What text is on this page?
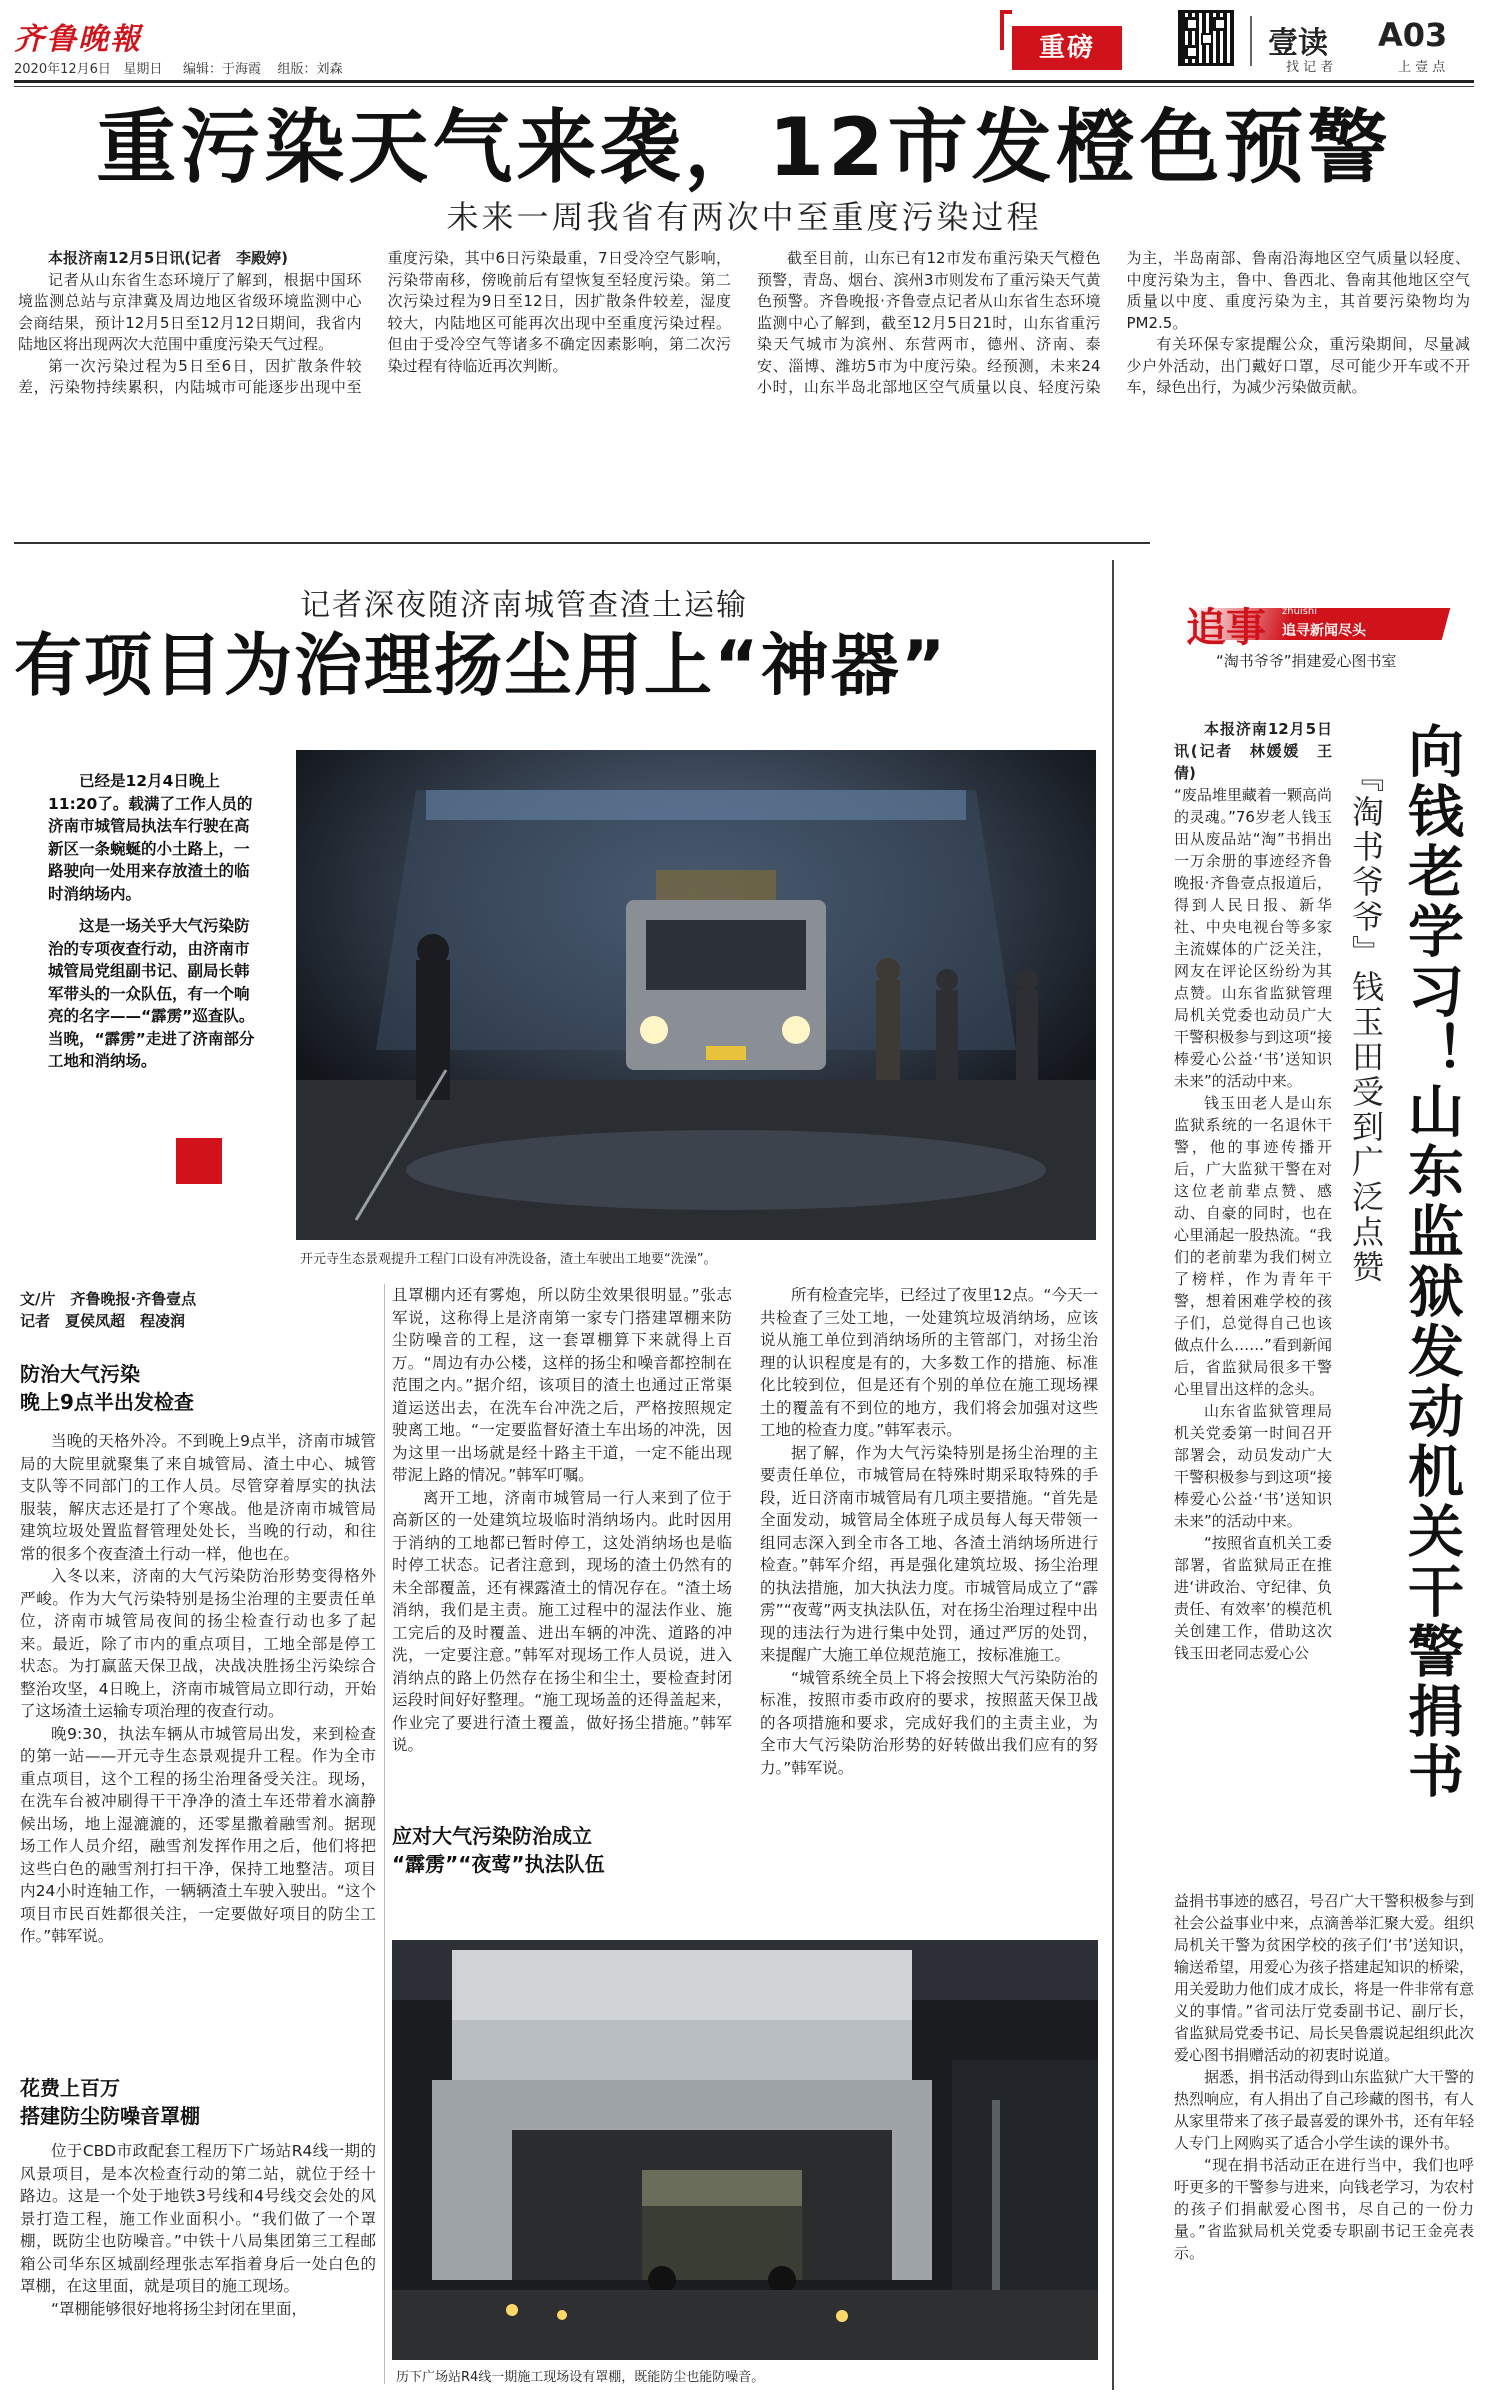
齐鲁晚報
2020年12月6日 星期日 编辑：于海霞 组版：刘森
重磅	壹读 A03
找 记 者	上 壹 点
重污染天气来袭，12市发橙色预警
未来一周我省有两次中至重度污染过程

本报济南12月5日讯(记者　李殿婷)

记者从山东省生态环境厅了解到，根据中国环境监测总站与京津冀及周边地区省级环境监测中心会商结果，预计12月5日至12月12日期间，我省内陆地区将出现两次大范围中重度污染天气过程。

第一次污染过程为5日至6日，因扩散条件较差，污染物持续累积，内陆城市可能逐步出现中至重度污染，其中6日污染最重，7日受冷空气影响，污染带南移，傍晚前后有望恢复至轻度污染。第二次污染过程为9日至12日，因扩散条件较差，湿度较大，内陆地区可能再次出现中至重度污染过程。但由于受冷空气等诸多不确定因素影响，第二次污染过程有待临近再次判断。

截至目前，山东已有12市发布重污染天气橙色预警，青岛、烟台、滨州3市则发布了重污染天气黄色预警。齐鲁晚报·齐鲁壹点记者从山东省生态环境监测中心了解到，截至12月5日21时，山东省重污染天气城市为滨州、东营两市，德州、济南、泰安、淄博、潍坊5市为中度污染。经预测，未来24小时，山东半岛北部地区空气质量以良、轻度污染为主，半岛南部、鲁南沿海地区空气质量以轻度、中度污染为主，鲁中、鲁西北、鲁南其他地区空气质量以中度、重度污染为主，其首要污染物均为PM2.5。

有关环保专家提醒公众，重污染期间，尽量减少户外活动，出门戴好口罩，尽可能少开车或不开车，绿色出行，为减少污染做贡献。

记者深夜随济南城管查渣土运输
有项目为治理扬尘用上“神器”

已经是12月4日晚上11:20了。载满了工作人员的济南市城管局执法车行驶在高新区一条蜿蜒的小土路上，一路驶向一处用来存放渣土的临时消纳场内。

这是一场关乎大气污染防治的专项夜查行动，由济南市城管局党组副书记、副局长韩军带头的一众队伍，有一个响亮的名字——“霹雳”巡查队。当晚，“霹雳”走进了济南部分工地和消纳场。

开元寺生态景观提升工程门口设有冲洗设备，渣土车驶出工地要“洗澡”。
文/片　齐鲁晚报·齐鲁壹点
记者　夏侯凤超　程凌润
防治大气污染
晚上9点半出发检查

当晚的天格外冷。不到晚上9点半，济南市城管局的大院里就聚集了来自城管局、渣土中心、城管支队等不同部门的工作人员。尽管穿着厚实的执法服装，解庆志还是打了个寒战。他是济南市城管局建筑垃圾处置监督管理处处长，当晚的行动，和往常的很多个夜查渣土行动一样，他也在。

入冬以来，济南的大气污染防治形势变得格外严峻。作为大气污染特别是扬尘治理的主要责任单位，济南市城管局夜间的扬尘检查行动也多了起来。最近，除了市内的重点项目，工地全部是停工状态。为打赢蓝天保卫战，决战决胜扬尘污染综合整治攻坚，4日晚上，济南市城管局立即行动，开始了这场渣土运输专项治理的夜查行动。

晚9:30，执法车辆从市城管局出发，来到检查的第一站——开元寺生态景观提升工程。作为全市重点项目，这个工程的扬尘治理备受关注。现场，在洗车台被冲刷得干干净净的渣土车还带着水滴静候出场，地上湿漉漉的，还零星撒着融雪剂。据现场工作人员介绍，融雪剂发挥作用之后，他们将把这些白色的融雪剂打扫干净，保持工地整洁。项目内24小时连轴工作，一辆辆渣土车驶入驶出。“这个项目市民百姓都很关注，一定要做好项目的防尘工作。”韩军说。

花费上百万
搭建防尘防噪音罩棚

位于CBD市政配套工程历下广场站R4线一期的风景项目，是本次检查行动的第二站，就位于经十路边。这是一个处于地铁3号线和4号线交会处的风景打造工程，施工作业面积小。“我们做了一个罩棚，既防尘也防噪音。”中铁十八局集团第三工程邮箱公司华东区城副经理张志军指着身后一处白色的罩棚，在这里面，就是项目的施工现场。

“罩棚能够很好地将扬尘封闭在里面，

且罩棚内还有雾炮，所以防尘效果很明显。”张志军说，这称得上是济南第一家专门搭建罩棚来防尘防噪音的工程，这一套罩棚算下来就得上百万。“周边有办公楼，这样的扬尘和噪音都控制在范围之内。”据介绍，该项目的渣土也通过正常渠道运送出去，在洗车台冲洗之后，严格按照规定驶离工地。“一定要监督好渣土车出场的冲洗，因为这里一出场就是经十路主干道，一定不能出现带泥上路的情况。”韩军叮嘱。

离开工地，济南市城管局一行人来到了位于高新区的一处建筑垃圾临时消纳场内。此时因用于消纳的工地都已暂时停工，这处消纳场也是临时停工状态。记者注意到，现场的渣土仍然有的未全部覆盖，还有裸露渣土的情况存在。“渣土场消纳，我们是主责。施工过程中的湿法作业、施工完后的及时覆盖、进出车辆的冲洗、道路的冲洗，一定要注意。”韩军对现场工作人员说，进入消纳点的路上仍然存在扬尘和尘土，要检查封闭运段时间好好整理。“施工现场盖的还得盖起来，作业完了要进行渣土覆盖，做好扬尘措施。”韩军说。

应对大气污染防治成立
“霹雳”“夜莺”执法队伍

所有检查完毕，已经过了夜里12点。“今天一共检查了三处工地，一处建筑垃圾消纳场，应该说从施工单位到消纳场所的主管部门，对扬尘治理的认识程度是有的，大多数工作的措施、标准化比较到位，但是还有个别的单位在施工现场裸土的覆盖有不到位的地方，我们将会加强对这些工地的检查力度。”韩军表示。

据了解，作为大气污染特别是扬尘治理的主要责任单位，市城管局在特殊时期采取特殊的手段，近日济南市城管局有几项主要措施。“首先是全面发动，城管局全体班子成员每人每天带领一组同志深入到全市各工地、各渣土消纳场所进行检查。”韩军介绍，再是强化建筑垃圾、扬尘治理的执法措施，加大执法力度。市城管局成立了“霹雳”“夜莺”两支执法队伍，对在扬尘治理过程中出现的违法行为进行集中处罚，通过严厉的处罚，来提醒广大施工单位规范施工，按标准施工。

“城管系统全员上下将会按照大气污染防治的标准，按照市委市政府的要求，按照蓝天保卫战的各项措施和要求，完成好我们的主责主业，为全市大气污染防治形势的好转做出我们应有的努力。”韩军说。

历下广场站R4线一期施工现场设有罩棚，既能防尘也能防噪音。
追事 zhuishi
追寻新闻尽头
“淘书爷爷”捐建爱心图书室
向钱老学习！山东监狱发动机关干警捐书
『淘书爷爷』钱玉田受到广泛点赞

本报济南12月5日讯(记者　林媛媛　王倩)

“废品堆里藏着一颗高尚的灵魂。”76岁老人钱玉田从废品站“淘”书捐出一万余册的事迹经齐鲁晚报·齐鲁壹点报道后，得到人民日报、新华社、中央电视台等多家主流媒体的广泛关注，网友在评论区纷纷为其点赞。山东省监狱管理局机关党委也动员广大干警积极参与到这项“接棒爱心公益·‘书’送知识未来”的活动中来。

钱玉田老人是山东监狱系统的一名退休干警，他的事迹传播开后，广大监狱干警在对这位老前辈点赞、感动、自豪的同时，也在心里涌起一股热流。“我们的老前辈为我们树立了榜样，作为青年干警，想着困难学校的孩子们，总觉得自己也该做点什么……”看到新闻后，省监狱局很多干警心里冒出这样的念头。

山东省监狱管理局机关党委第一时间召开部署会，动员发动广大干警积极参与到这项“接棒爱心公益·‘书’送知识未来”的活动中来。

“按照省直机关工委部署，省监狱局正在推进‘讲政治、守纪律、负责任、有效率’的模范机关创建工作，借助这次钱玉田老同志爱心公

益捐书事迹的感召，号召广大干警积极参与到社会公益事业中来，点滴善举汇聚大爱。组织局机关干警为贫困学校的孩子们‘书’送知识，输送希望，用爱心为孩子搭建起知识的桥梁，用关爱助力他们成才成长，将是一件非常有意义的事情。”省司法厅党委副书记、副厅长，省监狱局党委书记、局长吴鲁震说起组织此次爱心图书捐赠活动的初衷时说道。

据悉，捐书活动得到山东监狱广大干警的热烈响应，有人捐出了自己珍藏的图书，有人从家里带来了孩子最喜爱的课外书，还有年轻人专门上网购买了适合小学生读的课外书。

“现在捐书活动正在进行当中，我们也呼吁更多的干警参与进来，向钱老学习，为农村的孩子们捐献爱心图书，尽自己的一份力量。”省监狱局机关党委专职副书记王金亮表示。
